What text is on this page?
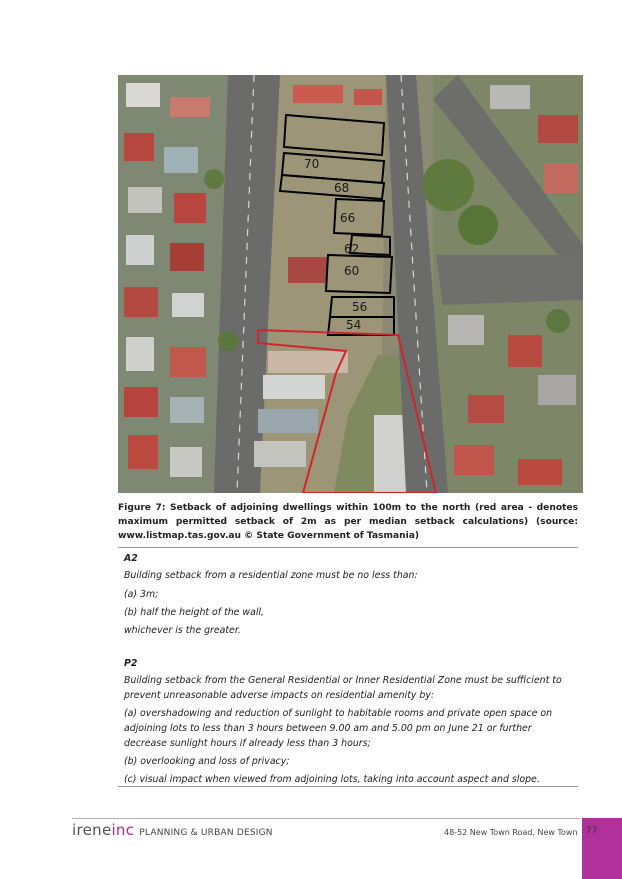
70
68
66
62
60
56
54
Figure 7: Setback of adjoining dwellings within 100m to the north (red area - denotes maximum permitted setback of 2m as per median setback calculations) (source: www.listmap.tas.gov.au © State Government of Tasmania)

A2

Building setback from a residential zone must be no less than:

(a) 3m;

(b) half the height of the wall,

whichever is the greater.

P2

Building setback from the General Residential or Inner Residential Zone must be sufficient to prevent unreasonable adverse impacts on residential amenity by:

(a) overshadowing and reduction of sunlight to habitable rooms and private open space on adjoining lots to less than 3 hours between 9.00 am and 5.00 pm on June 21 or further decrease sunlight hours if already less than 3 hours;

(b) overlooking and loss of privacy;

(c) visual impact when viewed from adjoining lots, taking into account aspect and slope.

ireneinc PLANNING & URBAN DESIGN	48-52 New Town Road, New Town 77
